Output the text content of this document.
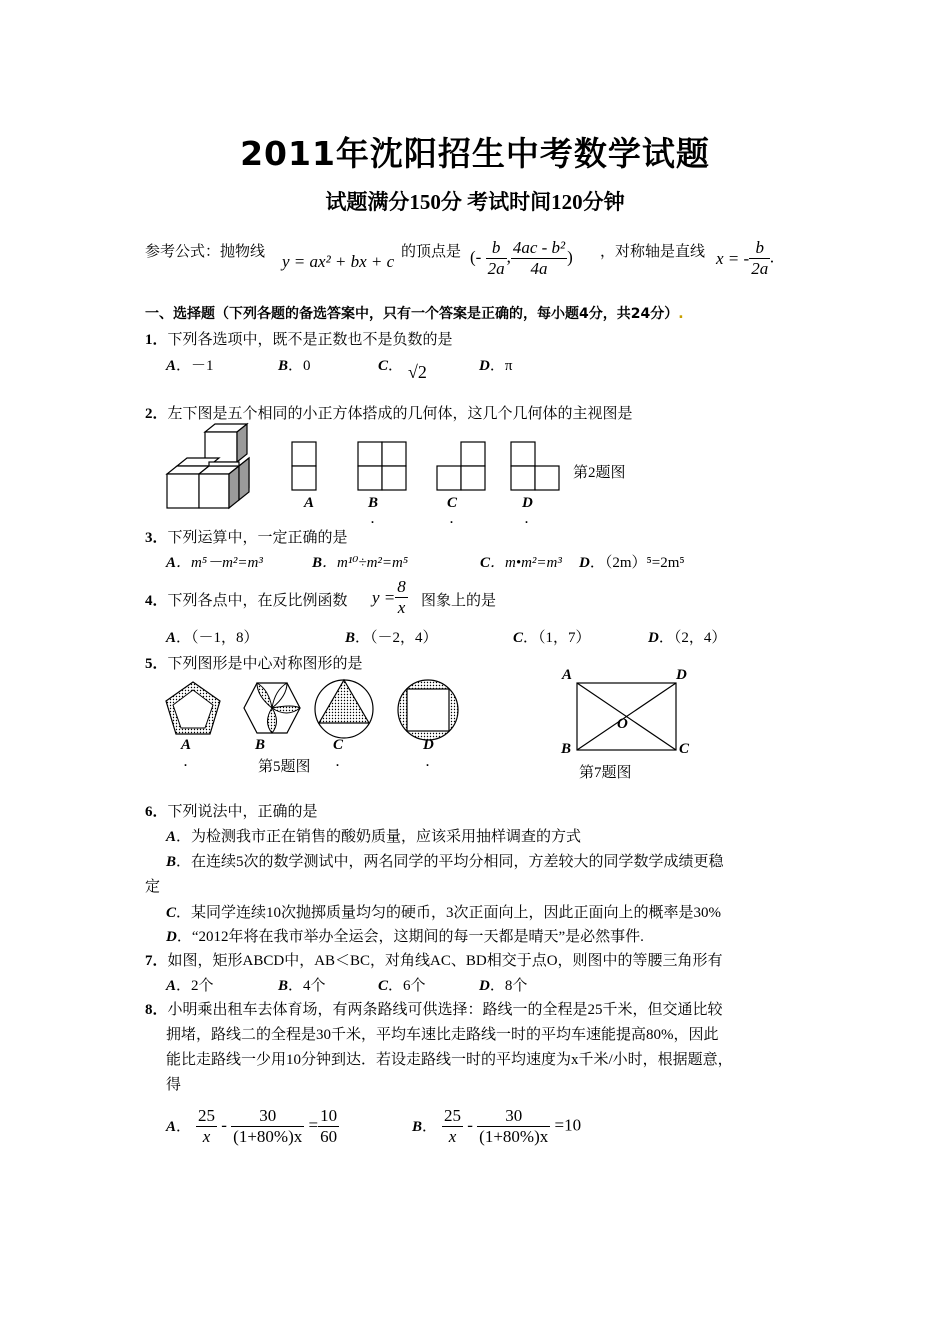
2011年沈阳招生中考数学试题
试题满分150分 考试时间120分钟
参考公式：抛物线 y = ax² + bx + c 的顶点是 (- $\frac{b}{2a}$ , $\frac{\text{4ac - b²}}{4a}$ ) ，对称轴是直线 x = - $\frac{b}{2a}$ .
一、选择题（下列各题的备选答案中，只有一个答案是正确的，每小题4分，共24分）.
1．下列各选项中，既不是正数也不是负数的是
A．－1	B．0	C． √2	D．π
2．左下图是五个相同的小正方体搭成的几何体，这几个几何体的主视图是
A	B	C	D
.	.	.
第2题图
3．下列运算中，一定正确的是
A．m⁵－m²=m³	B．m¹⁰÷m²=m⁵	C．m•m²=m³ D．（2m）⁵=2m⁵
4．下列各点中，在反比例函数 $y = \frac{8}{x}$ 图象上的是
A．（－1，8）	B．（－2，4）	C．（1，7）	D．（2，4）
5．下列图形是中心对称图形的是
A	B	C	D
.	.	.
第5题图
A	D
B	C
O
第7题图
6．下列说法中，正确的是
A．为检测我市正在销售的酸奶质量，应该采用抽样调查的方式
B．在连续5次的数学测试中，两名同学的平均分相同，方差较大的同学数学成绩更稳
定
C．某同学连续10次抛掷质量均匀的硬币，3次正面向上，因此正面向上的概率是30%
D．“2012年将在我市举办全运会，这期间的每一天都是晴天”是必然事件.
7．如图，矩形ABCD中，AB＜BC，对角线AC、BD相交于点O，则图中的等腰三角形有
A．2个	B．4个	C．6个	D．8个
8．小明乘出租车去体育场，有两条路线可供选择：路线一的全程是25千米，但交通比较
拥堵，路线二的全程是30千米，平均车速比走路线一时的平均车速能提高80%，因此
能比走路线一少用10分钟到达．若设走路线一时的平均速度为x千米/小时，根据题意，
得
A． $\frac{25}{x} - \frac{30}{(1+80\%)x} = \frac{10}{60}$	B． $\frac{25}{x} - \frac{30}{(1+80\%)x} =10$
